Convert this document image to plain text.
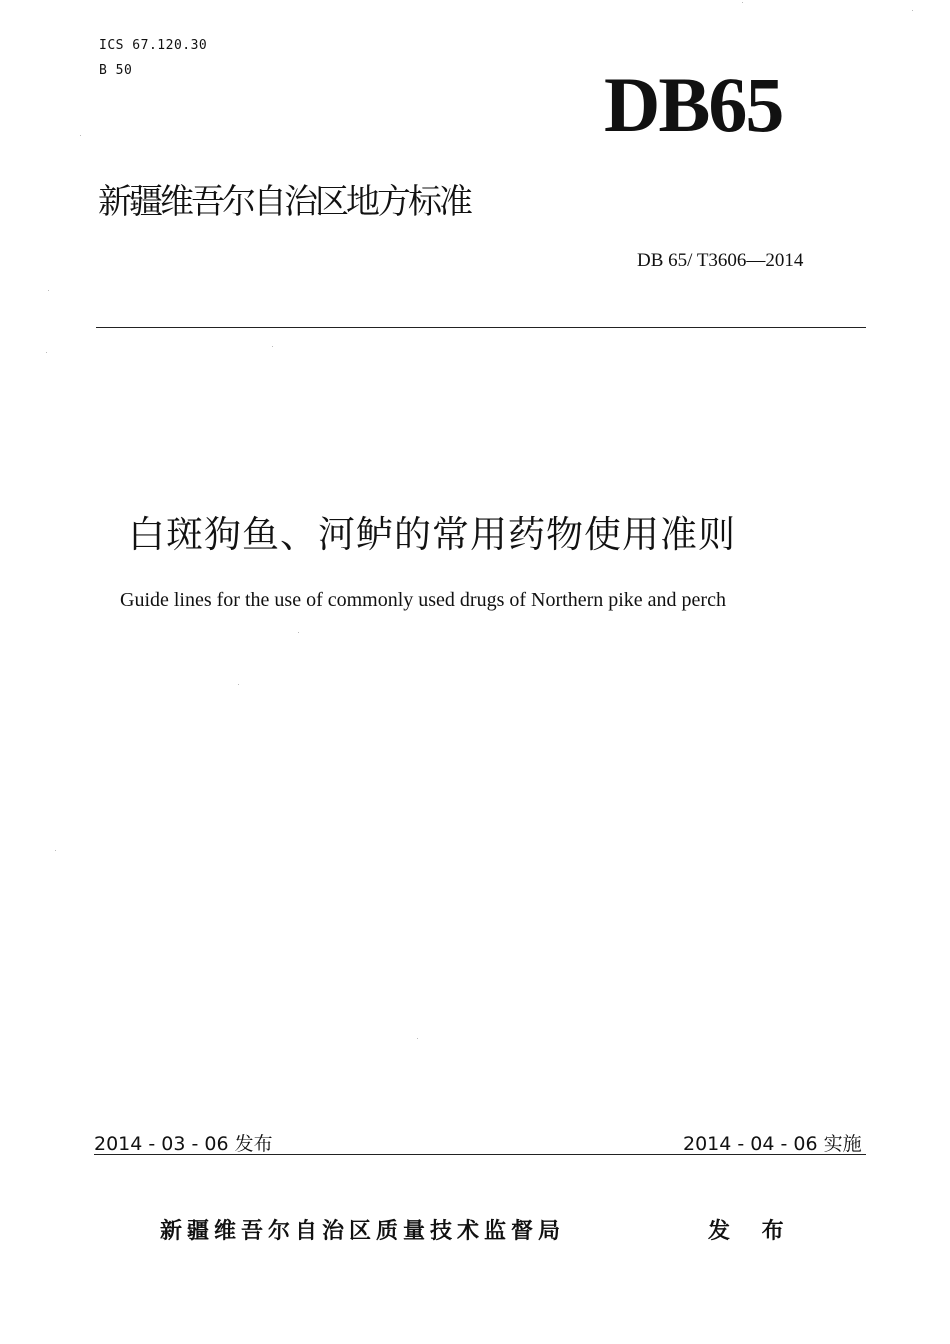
ICS 67.120.30
B 50	DB65
新疆维吾尔自治区地方标准
DB 65/ T3606—2014
白斑狗鱼、河鲈的常用药物使用准则
Guide lines for the use of commonly used drugs of Northern pike and perch
2014 - 03 - 06 发布	2014 - 04 - 06 实施
新疆维吾尔自治区质量技术监督局	发 布
